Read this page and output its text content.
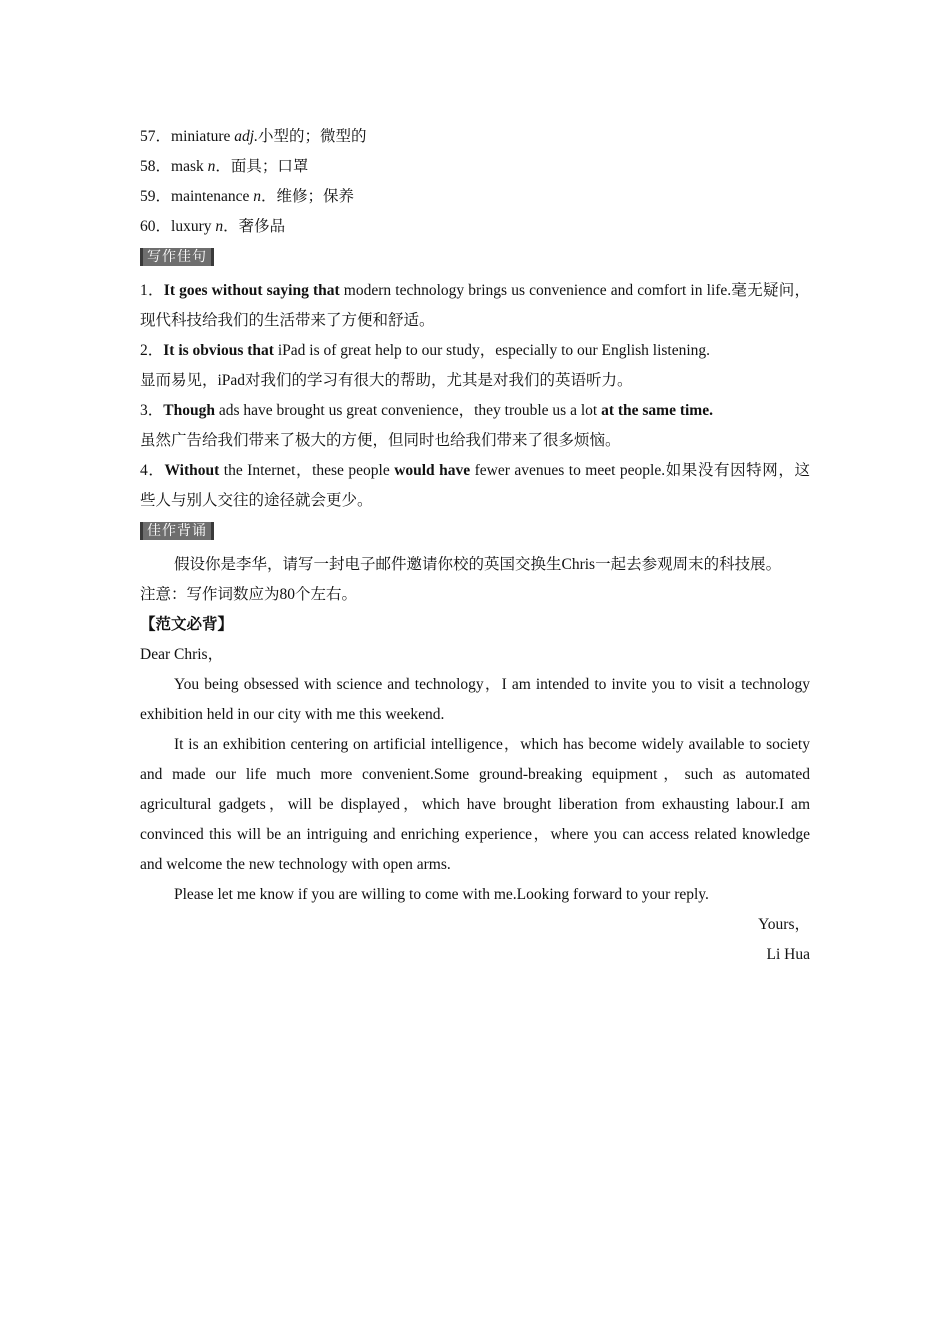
57．miniature adj.小型的；微型的
58．mask n．面具；口罩
59．maintenance n．维修；保养
60．luxury n．奢侈品
写作佳句
1．It goes without saying that modern technology brings us convenience and comfort in life.毫无疑问，现代科技给我们的生活带来了方便和舒适。
2．It is obvious that iPad is of great help to our study，especially to our English listening.
显而易见，iPad对我们的学习有很大的帮助，尤其是对我们的英语听力。
3．Though ads have brought us great convenience，they trouble us a lot at the same time.
虽然广告给我们带来了极大的方便，但同时也给我们带来了很多烦恼。
4．Without the Internet，these people would have fewer avenues to meet people.如果没有因特网，这些人与别人交往的途径就会更少。
佳作背诵
假设你是李华，请写一封电子邮件邀请你校的英国交换生Chris一起去参观周末的科技展。
注意：写作词数应为80个左右。
【范文必背】
Dear Chris，
You being obsessed with science and technology，I am intended to invite you to visit a technology exhibition held in our city with me this weekend.
It is an exhibition centering on artificial intelligence，which has become widely available to society and made our life much more convenient.Some ground-breaking equipment，such as automated agricultural gadgets，will be displayed，which have brought liberation from exhausting labour.I am convinced this will be an intriguing and enriching experience，where you can access related knowledge and welcome the new technology with open arms.
Please let me know if you are willing to come with me.Looking forward to your reply.
Yours，
Li Hua
